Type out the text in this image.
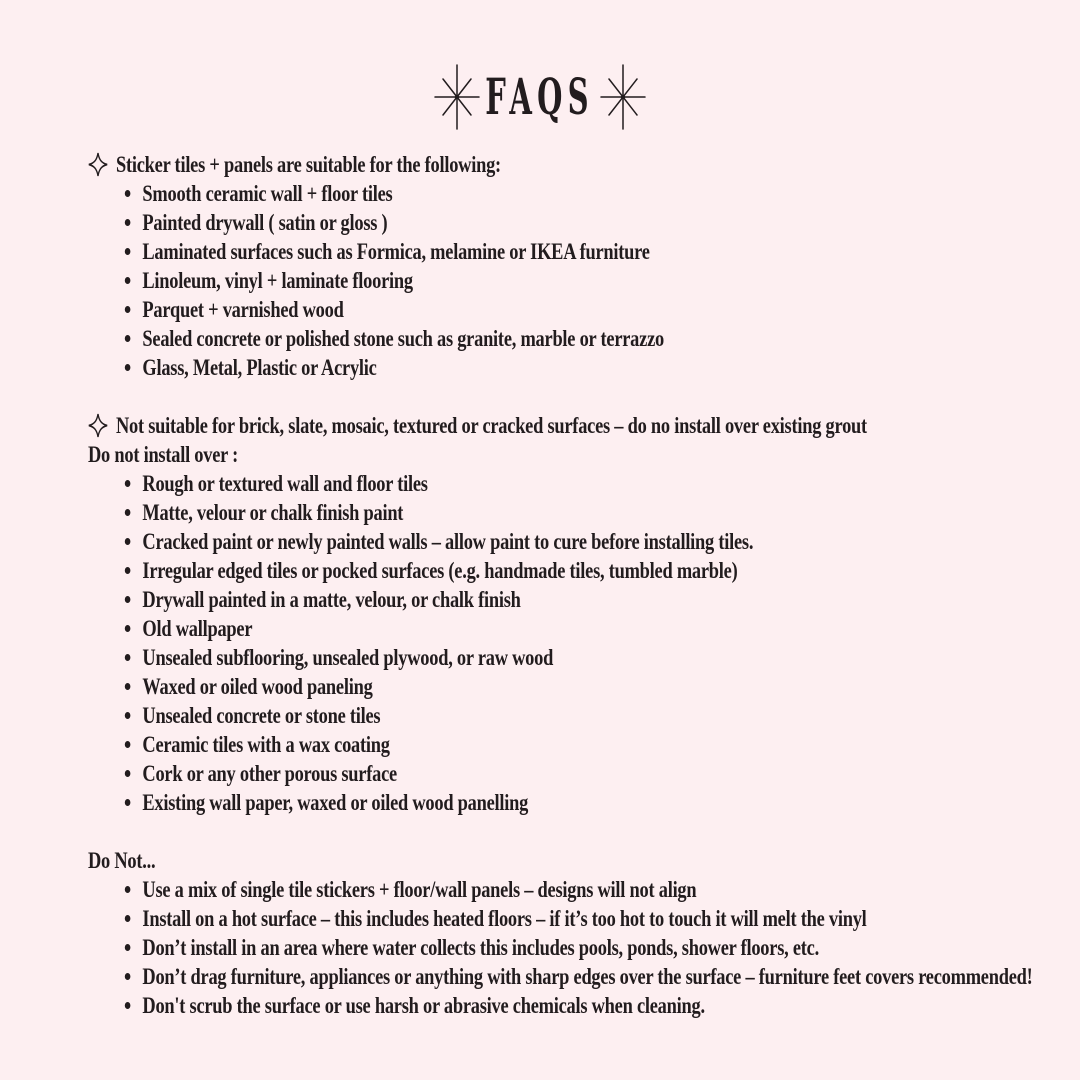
FAQS
Sticker tiles + panels are suitable for the following:
Smooth ceramic wall + floor tiles
Painted drywall ( satin or gloss )
Laminated surfaces such as Formica, melamine or IKEA furniture
Linoleum, vinyl + laminate flooring
Parquet + varnished wood
Sealed concrete or polished stone such as granite, marble or terrazzo
Glass, Metal, Plastic or Acrylic
Not suitable for brick, slate, mosaic, textured or cracked surfaces – do no install over existing grout
Do not install over :
Rough or textured wall and floor tiles
Matte, velour or chalk finish paint
Cracked paint or newly painted walls – allow paint to cure before installing tiles.
Irregular edged tiles or pocked surfaces (e.g. handmade tiles, tumbled marble)
Drywall painted in a matte, velour, or chalk finish
Old wallpaper
Unsealed subflooring, unsealed plywood, or raw wood
Waxed or oiled wood paneling
Unsealed concrete or stone tiles
Ceramic tiles with a wax coating
Cork or any other porous surface
Existing wall paper, waxed or oiled wood panelling
Do Not...
Use a mix of single tile stickers + floor/wall panels – designs will not align
Install on a hot surface – this includes heated floors – if it’s too hot to touch it will melt the vinyl
Don’t install in an area where water collects this includes pools, ponds, shower floors, etc.
Don’t drag furniture, appliances or anything with sharp edges over the surface – furniture feet covers recommended!
Don't scrub the surface or use harsh or abrasive chemicals when cleaning.
